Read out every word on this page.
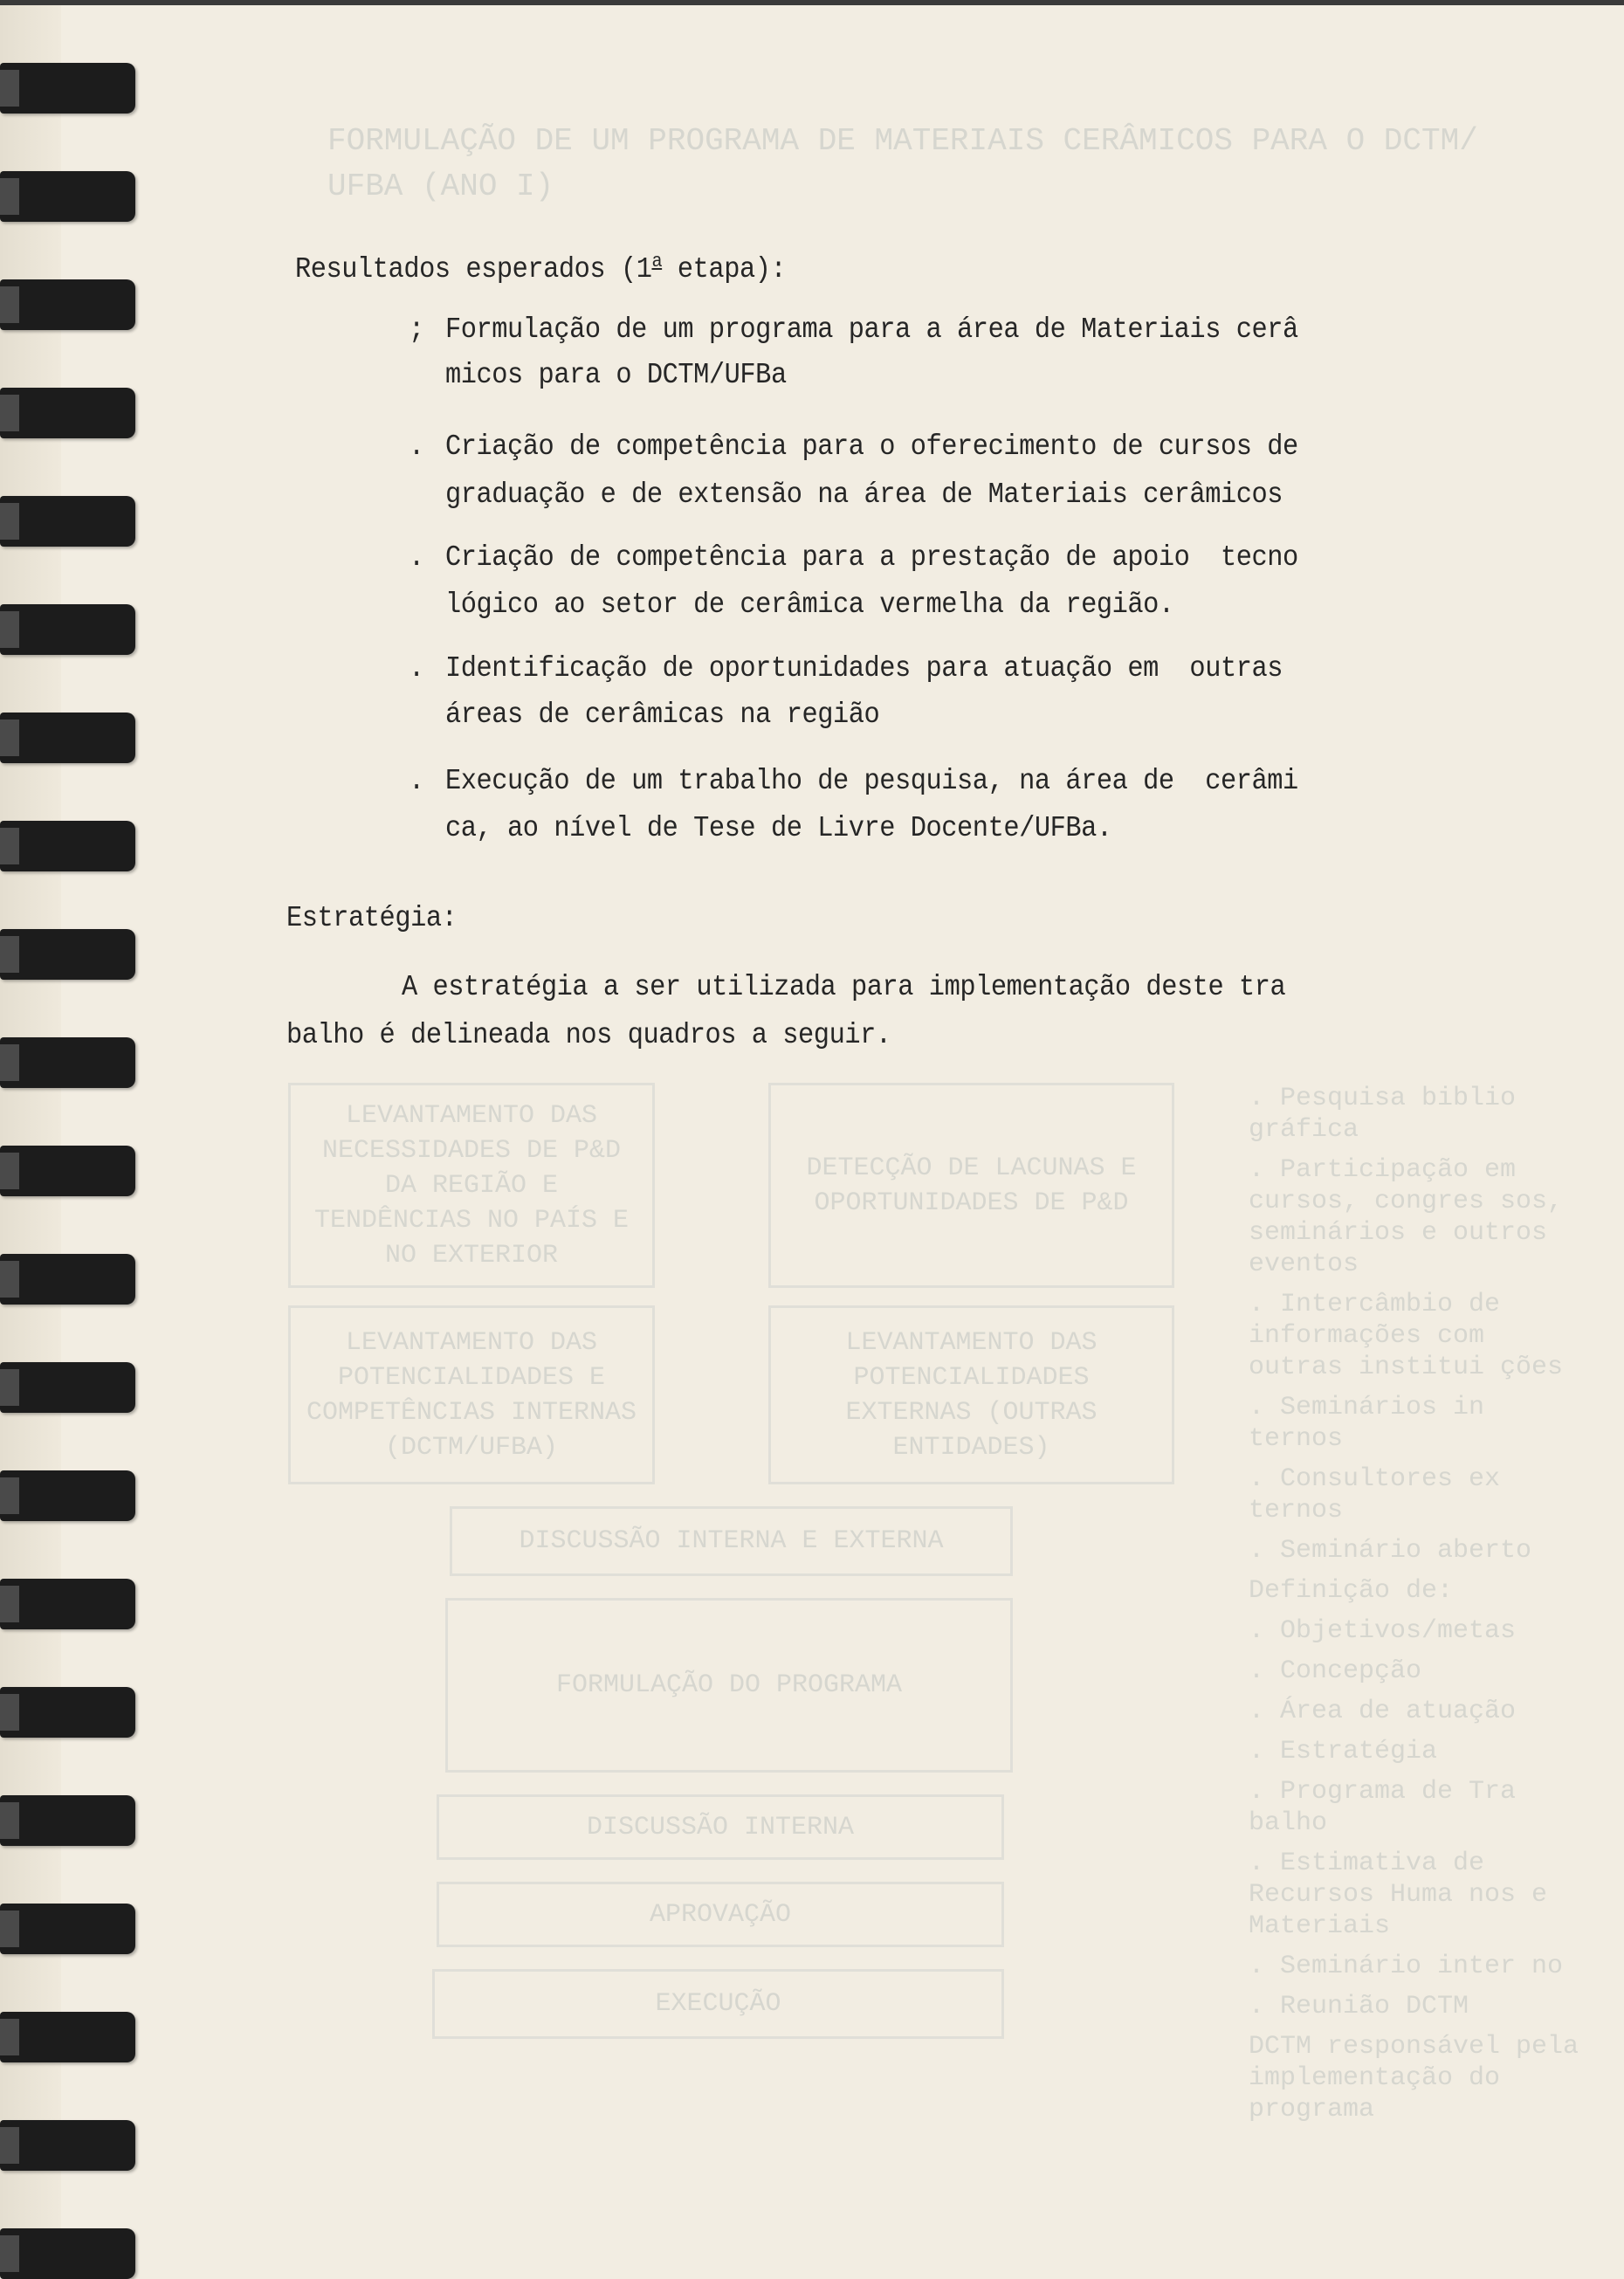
FORMULAÇÃO DE UM PROGRAMA DE MATERIAIS CERÂMICOS PARA O DCTM/
UFBA (ANO I)
LEVANTAMENTO DAS NECESSIDADES DE P&D DA REGIÃO E TENDÊNCIAS NO PAÍS E NO EXTERIOR
DETECÇÃO DE LACUNAS E OPORTUNIDADES DE P&D
LEVANTAMENTO DAS POTENCIALIDADES E COMPETÊNCIAS INTERNAS (DCTM/UFBA)
LEVANTAMENTO DAS POTENCIALIDADES EXTERNAS (OUTRAS ENTIDADES)
DISCUSSÃO INTERNA E EXTERNA
FORMULAÇÃO DO PROGRAMA
DISCUSSÃO INTERNA
APROVAÇÃO
EXECUÇÃO
. Pesquisa biblio gráfica
. Participação em cursos, congres sos, seminários e outros eventos
. Intercâmbio de informações com outras institui ções
. Seminários in ternos
. Consultores ex ternos
. Seminário aberto
Definição de:
. Objetivos/metas
. Concepção
. Área de atuação
. Estratégia
. Programa de Tra balho
. Estimativa de Recursos Huma nos e Materiais
. Seminário inter no
. Reunião DCTM
DCTM responsável pela implementação do programa
Resultados esperados (1$^a$ etapa):
; Formulação de um programa para a área de Materiais cerâ
micos para o DCTM/UFBa
. Criação de competência para o oferecimento de cursos de
graduação e de extensão na área de Materiais cerâmicos
. Criação de competência para a prestação de apoio  tecno
lógico ao setor de cerâmica vermelha da região.
. Identificação de oportunidades para atuação em  outras
áreas de cerâmicas na região
. Execução de um trabalho de pesquisa, na área de  cerâmi
ca, ao nível de Tese de Livre Docente/UFBa.
Estratégia:
A estratégia a ser utilizada para implementação deste tra
balho é delineada nos quadros a seguir.
